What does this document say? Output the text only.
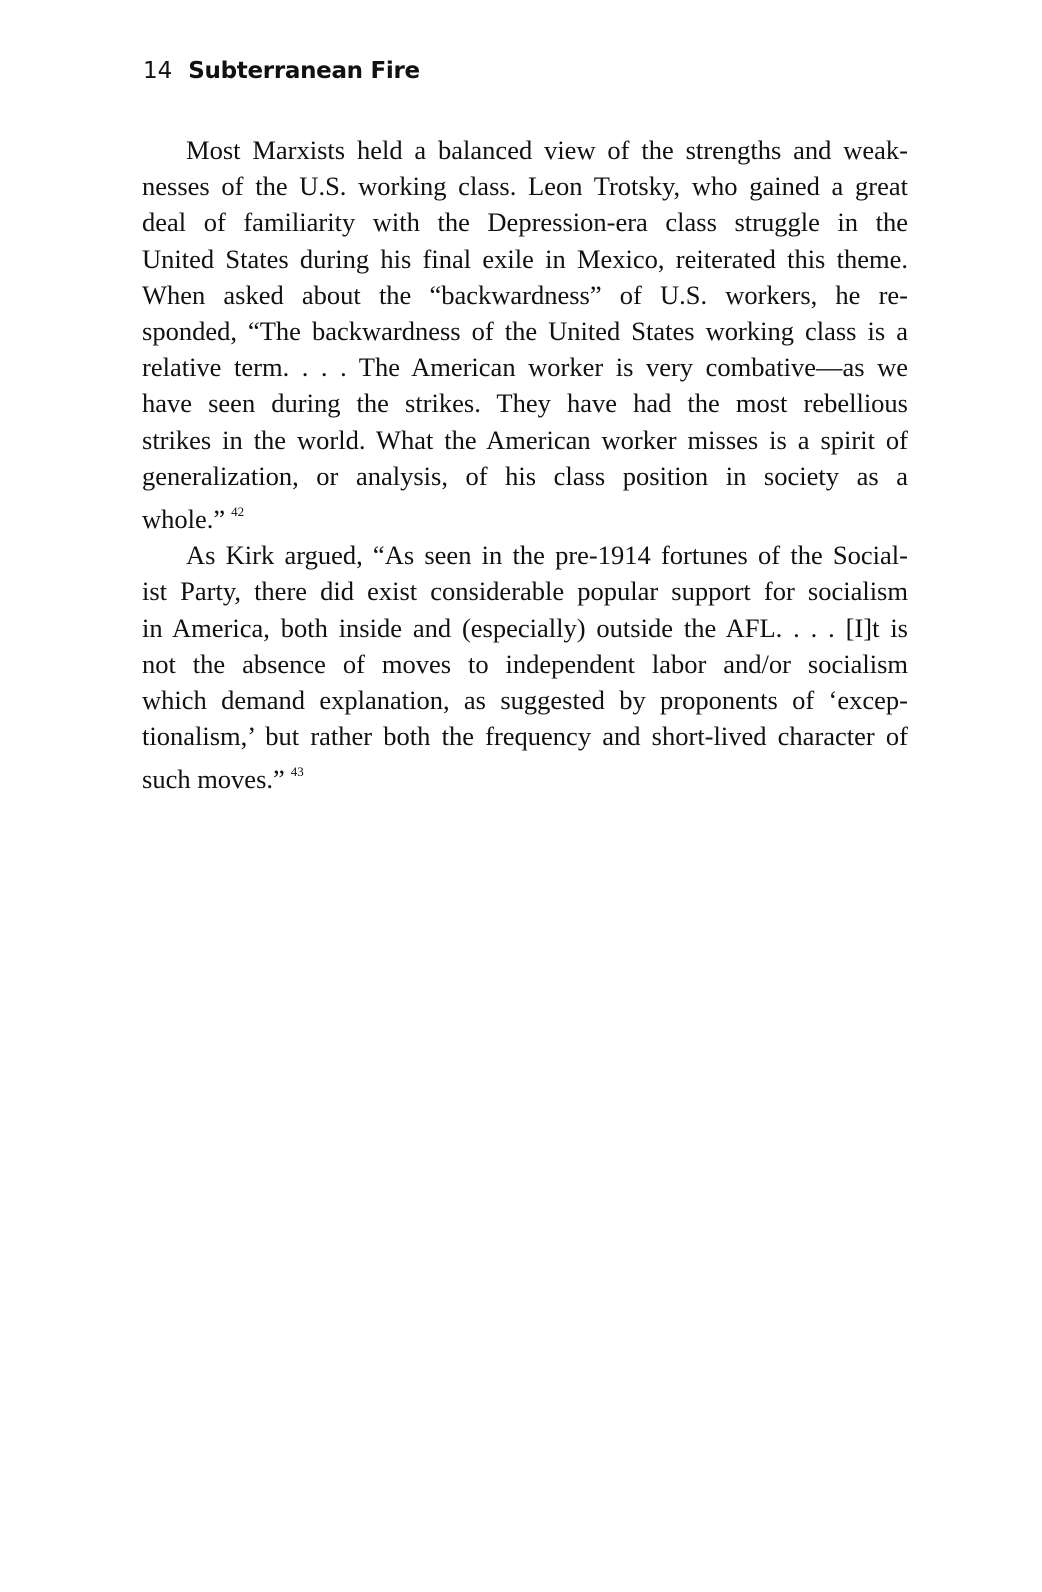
14 Subterranean Fire

Most Marxists held a balanced view of the strengths and weak-
nesses of the U.S. working class. Leon Trotsky, who gained a great
deal of familiarity with the Depression-era class struggle in the
United States during his final exile in Mexico, reiterated this theme.
When asked about the “backwardness” of U.S. workers, he re-
sponded, “The backwardness of the United States working class is a
relative term. . . . The American worker is very combative—as we
have seen during the strikes. They have had the most rebellious
strikes in the world. What the American worker misses is a spirit of
generalization, or analysis, of his class position in society as a
whole.” $^{42}$

As Kirk argued, “As seen in the pre-1914 fortunes of the Social-
ist Party, there did exist considerable popular support for socialism
in America, both inside and (especially) outside the AFL. . . . [I]t is
not the absence of moves to independent labor and/or socialism
which demand explanation, as suggested by proponents of ‘excep-
tionalism,’ but rather both the frequency and short-lived character of
such moves.” $^{43}$
